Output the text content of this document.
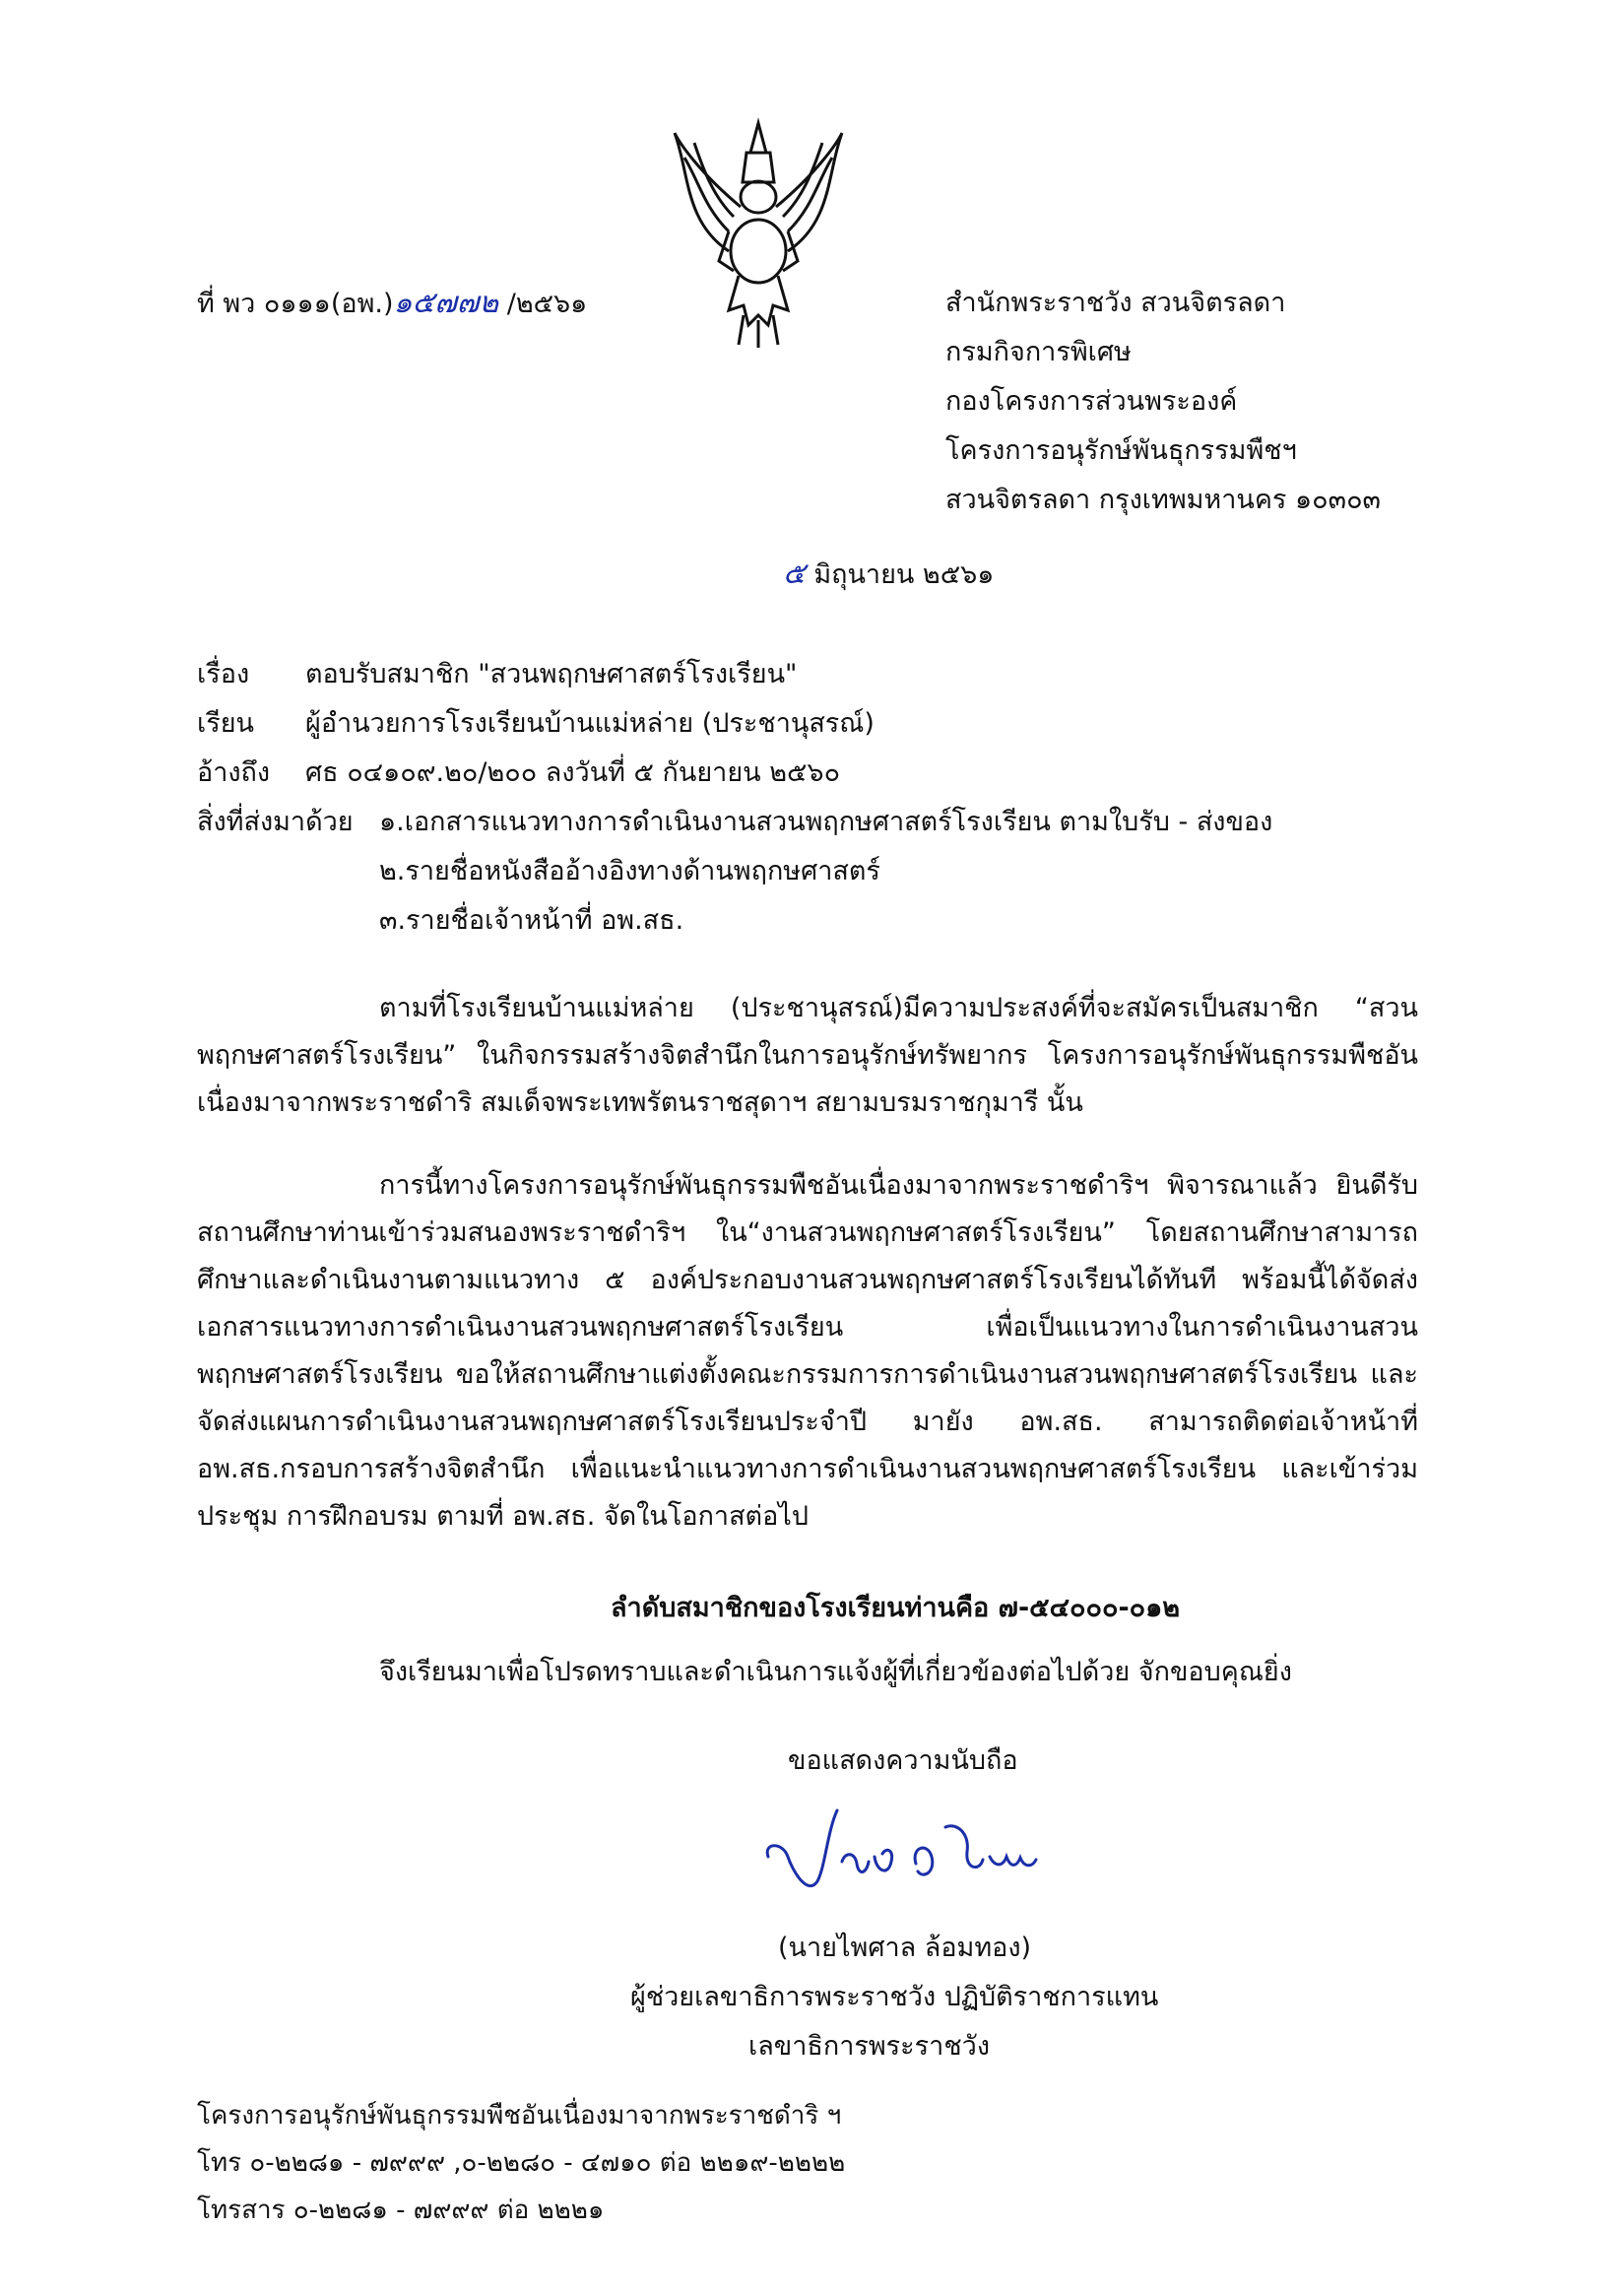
ที่ พว ๐๑๑๑(อพ.)๑๕๗๗๒ /๒๕๖๑	สำนักพระราชวัง สวนจิตรลดา
กรมกิจการพิเศษ
กองโครงการส่วนพระองค์
โครงการอนุรักษ์พันธุกรรมพืชฯ
สวนจิตรลดา กรุงเทพมหานคร ๑๐๓๐๓
๕ มิถุนายน ๒๕๖๑
เรื่อง ตอบรับสมาชิก "สวนพฤกษศาสตร์โรงเรียน"
เรียน ผู้อำนวยการโรงเรียนบ้านแม่หล่าย (ประชานุสรณ์)
อ้างถึง ศธ ๐๔๑๐๙.๒๐/๒๐๐ ลงวันที่ ๕ กันยายน ๒๕๖๐
สิ่งที่ส่งมาด้วย ๑.เอกสารแนวทางการดำเนินงานสวนพฤกษศาสตร์โรงเรียน ตามใบรับ - ส่งของ
๒.รายชื่อหนังสืออ้างอิงทางด้านพฤกษศาสตร์
๓.รายชื่อเจ้าหน้าที่ อพ.สธ.
ตามที่โรงเรียนบ้านแม่หล่าย (ประชานุสรณ์)มีความประสงค์ที่จะสมัครเป็นสมาชิก “สวนพฤกษศาสตร์โรงเรียน” ในกิจกรรมสร้างจิตสำนึกในการอนุรักษ์ทรัพยากร โครงการอนุรักษ์พันธุกรรมพืชอันเนื่องมาจากพระราชดำริ สมเด็จพระเทพรัตนราชสุดาฯ สยามบรมราชกุมารี นั้น
การนี้ทางโครงการอนุรักษ์พันธุกรรมพืชอันเนื่องมาจากพระราชดำริฯ พิจารณาแล้ว ยินดีรับสถานศึกษาท่านเข้าร่วมสนองพระราชดำริฯ ใน“งานสวนพฤกษศาสตร์โรงเรียน” โดยสถานศึกษาสามารถศึกษาและดำเนินงานตามแนวทาง ๕ องค์ประกอบงานสวนพฤกษศาสตร์โรงเรียนได้ทันที พร้อมนี้ได้จัดส่งเอกสารแนวทางการดำเนินงานสวนพฤกษศาสตร์โรงเรียน เพื่อเป็นแนวทางในการดำเนินงานสวนพฤกษศาสตร์โรงเรียน ขอให้สถานศึกษาแต่งตั้งคณะกรรมการการดำเนินงานสวนพฤกษศาสตร์โรงเรียน และจัดส่งแผนการดำเนินงานสวนพฤกษศาสตร์โรงเรียนประจำปี มายัง อพ.สธ. สามารถติดต่อเจ้าหน้าที่ อพ.สธ.กรอบการสร้างจิตสำนึก เพื่อแนะนำแนวทางการดำเนินงานสวนพฤกษศาสตร์โรงเรียน และเข้าร่วมประชุม การฝึกอบรม ตามที่ อพ.สธ. จัดในโอกาสต่อไป
ลำดับสมาชิกของโรงเรียนท่านคือ ๗-๕๔๐๐๐-๐๑๒
จึงเรียนมาเพื่อโปรดทราบและดำเนินการแจ้งผู้ที่เกี่ยวข้องต่อไปด้วย จักขอบคุณยิ่ง
ขอแสดงความนับถือ
(นายไพศาล ล้อมทอง)
ผู้ช่วยเลขาธิการพระราชวัง ปฏิบัติราชการแทน
เลขาธิการพระราชวัง
โครงการอนุรักษ์พันธุกรรมพืชอันเนื่องมาจากพระราชดำริ ฯ
โทร ๐-๒๒๘๑ - ๗๙๙๙ ,๐-๒๒๘๐ - ๔๗๑๐ ต่อ ๒๒๑๙-๒๒๒๒
โทรสาร ๐-๒๒๘๑ - ๗๙๙๙ ต่อ ๒๒๒๑
